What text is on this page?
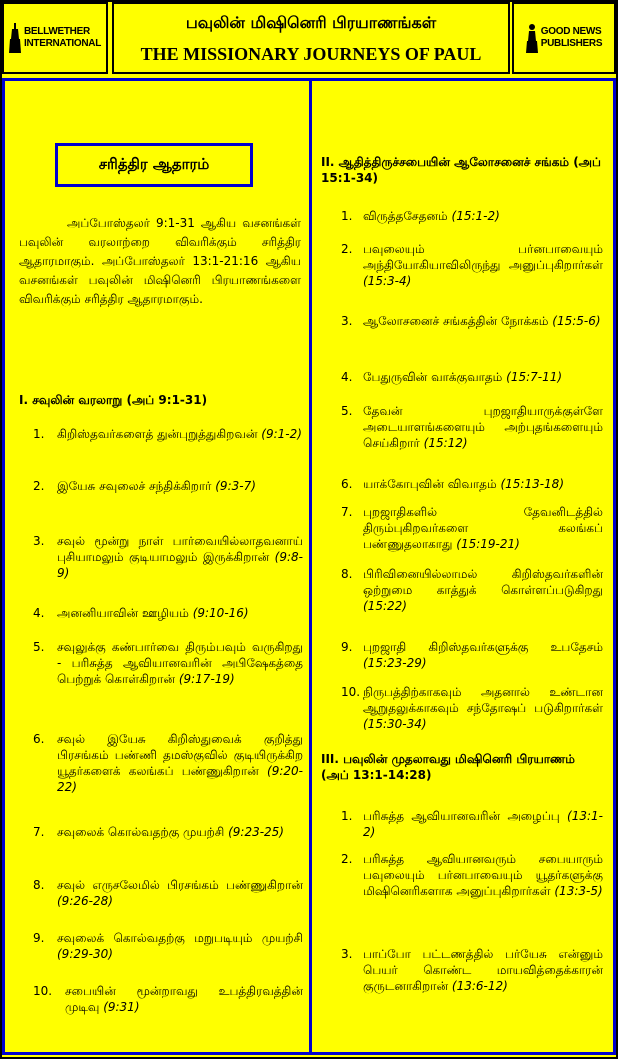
BELLWETHER
INTERNATIONAL
பவுலின் மிஷினெரி பிரயாணங்கள்
THE MISSIONARY JOURNEYS OF PAUL
GOOD NEWS
PUBLISHERS
சரித்திர ஆதாரம்
அப்போஸ்தலர் 9:1-31 ஆகிய வசனங்கள் பவுலின் வரலாற்றை விவரிக்கும் சரித்திர ஆதாரமாகும். அப்போஸ்தலர் 13:1-21:16 ஆகிய வசனங்கள் பவுலின் மிஷினெரி பிரயாணங்களை விவரிக்கும் சரித்திர ஆதாரமாகும்.
I. சவுலின் வரலாறு (அப் 9:1-31)
1.	கிறிஸ்தவர்களைத் துன்புறுத்துகிறவன் (9:1-2)
2.	இயேசு சவுலைச் சந்திக்கிறார் (9:3-7)
3.	சவுல் மூன்று நாள் பார்வையில்லாதவனாய் புசியாமலும் குடியாமலும் இருக்கிறான் (9:8-9)
4.	அனனியாவின் ஊழியம் (9:10-16)
5.	சவுலுக்கு கண்பார்வை திரும்பவும் வருகிறது - பரிசுத்த ஆவியானவரின் அபிஷேகத்தை பெற்றுக் கொள்கிறான் (9:17-19)
6.	சவுல் இயேசு கிறிஸ்துவைக் குறித்து பிரசங்கம் பண்ணி தமஸ்குவில் குடியிருக்கிற யூதர்களைக் கலங்கப் பண்ணுகிறான் (9:20-22)
7.	சவுலைக் கொல்வதற்கு முயற்சி (9:23-25)
8.	சவுல் எருசலேமில் பிரசங்கம் பண்ணுகிறான் (9:26-28)
9.	சவுலைக் கொல்வதற்கு மறுபடியும் முயற்சி (9:29-30)
10.	சபையின் மூன்றாவது உபத்திரவத்தின் முடிவு (9:31)
II. ஆதித்திருச்சபையின் ஆலோசனைச் சங்கம் (அப் 15:1-34)
1. விருத்தசேதனம் (15:1-2)
2. பவுலையும் பர்னபாவையும் அந்தியோகியாவிலிருந்து அனுப்புகிறார்கள் (15:3-4)
3. ஆலோசனைச் சங்கத்தின் நோக்கம் (15:5-6)
4. பேதுருவின் வாக்குவாதம் (15:7-11)
5. தேவன் புறஜாதியாருக்குள்ளே அடையாளங்களையும் அற்புதங்களையும் செய்கிறார் (15:12)
6. யாக்கோபுவின் விவாதம் (15:13-18)
7. புறஜாதிகளில் தேவனிடத்தில் திரும்புகிறவர்களை கலங்கப் பண்ணுதலாகாது (15:19-21)
8. பிரிவினையில்லாமல் கிறிஸ்தவர்களின் ஒற்றுமை காத்துக் கொள்ளப்படுகிறது (15:22)
9. புறஜாதி கிறிஸ்தவர்களுக்கு உபதேசம் (15:23-29)
10. நிருபத்திற்காகவும் அதனால் உண்டான ஆறுதலுக்காகவும் சந்தோஷப் படுகிறார்கள் (15:30-34)
III. பவுலின் முதலாவது மிஷினெரி பிரயாணம் (அப் 13:1-14:28)
1. பரிசுத்த ஆவியானவரின் அழைப்பு (13:1-2)
2. பரிசுத்த ஆவியானவரும் சபையாரும் பவுலையும் பர்னபாவையும் யூதர்களுக்கு மிஷினெரிகளாக அனுப்புகிறார்கள் (13:3-5)
3. பாப்போ பட்டணத்தில் பர்யேசு என்னும் பெயர் கொண்ட மாயவித்தைக்காரன் குருடனாகிறான் (13:6-12)
